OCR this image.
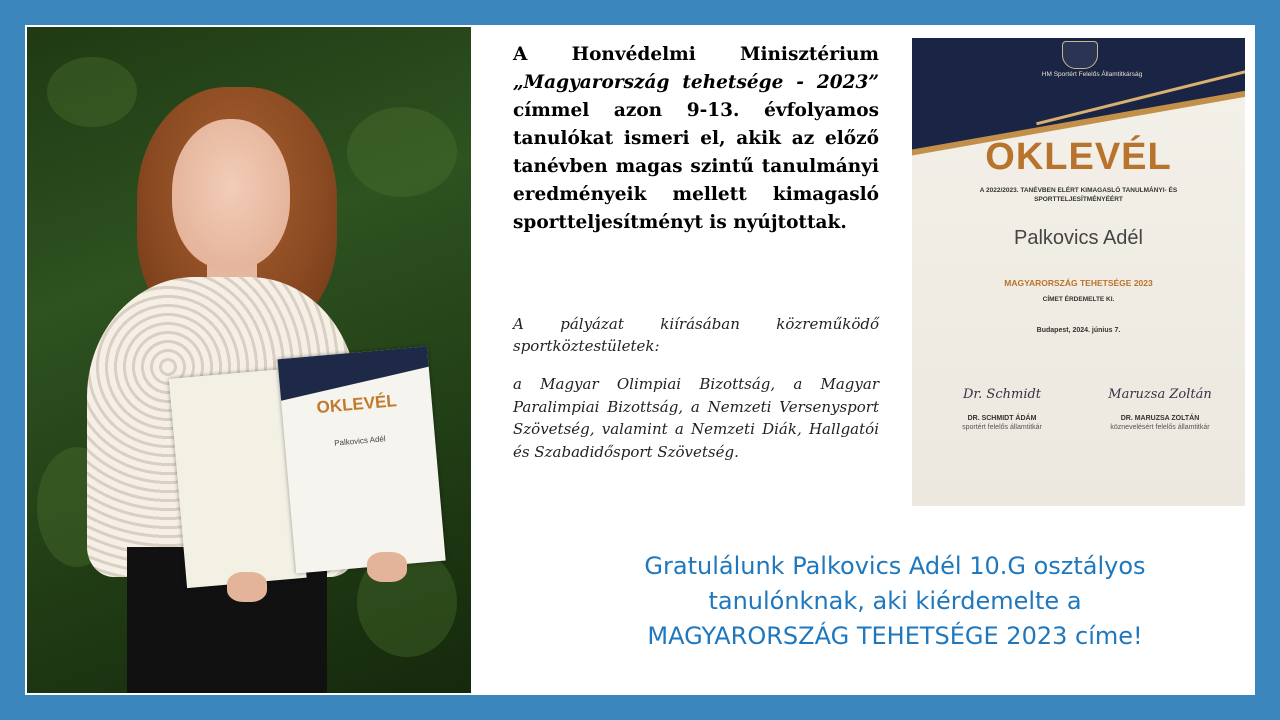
OKLEVÉL
Palkovics Adél
A Honvédelmi Minisztérium „Magyarország tehetsége - 2023” címmel azon 9-13. évfolyamos tanulókat ismeri el, akik az előző tanévben magas szintű tanulmányi eredményeik mellett kimagasló sportteljesítményt is nyújtottak.
A pályázat kiírásában közreműködő sportköztestületek:
a Magyar Olimpiai Bizottság, a Magyar Paralimpiai Bizottság, a Nemzeti Versenysport Szövetség, valamint a Nemzeti Diák, Hallgatói és Szabadidősport Szövetség.
HM Sportért Felelős Államtitkárság
OKLEVÉL
A 2022/2023. TANÉVBEN ELÉRT KIMAGASLÓ TANULMÁNYI- ÉS SPORTTELJESÍTMÉNYÉÉRT
Palkovics Adél
MAGYARORSZÁG TEHETSÉGE 2023
CÍMET ÉRDEMELTE KI.
Budapest, 2024. június 7.
Dr. Schmidt
DR. SCHMIDT ÁDÁM
sportért felelős államtitkár
Maruzsa Zoltán
DR. MARUZSA ZOLTÁN
köznevelésért felelős államtitkár
Gratulálunk Palkovics Adél 10.G osztályos
tanulónknak, aki kiérdemelte a
MAGYARORSZÁG TEHETSÉGE 2023 címe!
